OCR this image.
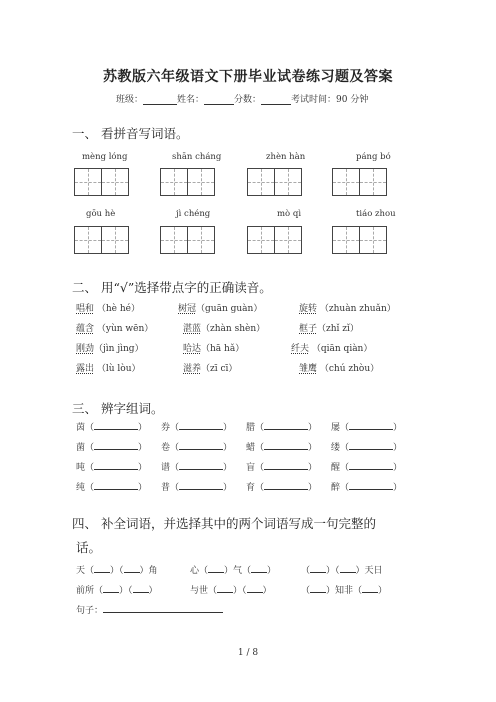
苏教版六年级语文下册毕业试卷练习题及答案
班级：	姓名：	分数：	考试时间：90 分钟
一、 看拼音写词语。
mèng lóng	shān cháng	zhèn hàn	páng bó
gōu hè	jì chéng	mò qì	tiáo zhou
二、 用“√”选择带点字的正确读音。
唱和 （hè hé）	树冠（guān guàn）	旋转 （zhuàn zhuǎn）
蕴含 （yùn wēn）	湛蓝（zhàn shèn）	框子（zhǐ zǐ）
刚劲（jìn jìng）	哈达（hā hǎ）	纤夫 （qiān qiàn）
露出 （lù lòu）	滋养（zī cī）	雏鹰 （chú zhòu）
三、 辨字组词。
茵（	） 券（	） 腊（	） 屡（	）
菌（	） 卷（	） 蜡（	） 缕（	）
吨（	） 谱（	） 盲（	） 醒（	）
纯（	） 普（	） 育（	） 醉（	）
四、 补全词语，并选择其中的两个词语写成一句完整的
话。
天（ ）（ ）角	心（ ）气（ ）	（ ）（ ）天日
前所（ ）（ ）	与世（ ）（ ）	（ ）知非（ ）
句子：
1 / 8
